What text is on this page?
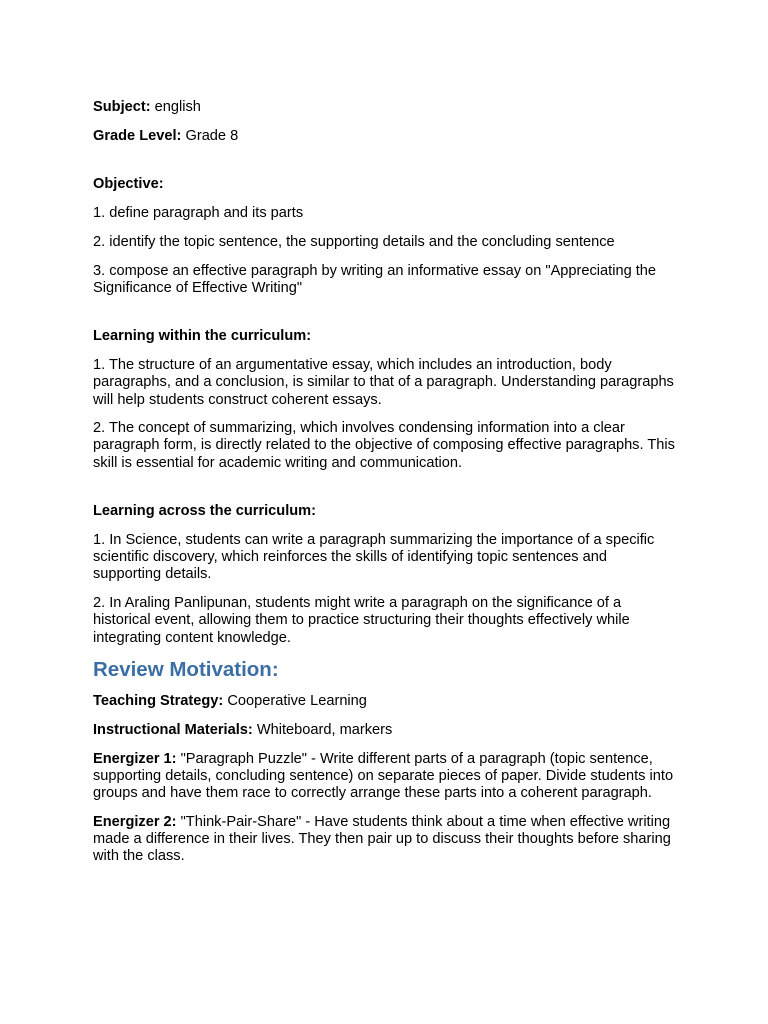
Subject: english

Grade Level: Grade 8

Objective:

1. define paragraph and its parts

2. identify the topic sentence, the supporting details and the concluding sentence

3. compose an effective paragraph by writing an informative essay on "Appreciating the Significance of Effective Writing"

Learning within the curriculum:

1. The structure of an argumentative essay, which includes an introduction, body paragraphs, and a conclusion, is similar to that of a paragraph. Understanding paragraphs will help students construct coherent essays.

2. The concept of summarizing, which involves condensing information into a clear paragraph form, is directly related to the objective of composing effective paragraphs. This skill is essential for academic writing and communication.

Learning across the curriculum:

1. In Science, students can write a paragraph summarizing the importance of a specific scientific discovery, which reinforces the skills of identifying topic sentences and supporting details.

2. In Araling Panlipunan, students might write a paragraph on the significance of a historical event, allowing them to practice structuring their thoughts effectively while integrating content knowledge.

Review Motivation:

Teaching Strategy: Cooperative Learning

Instructional Materials: Whiteboard, markers

Energizer 1: "Paragraph Puzzle" - Write different parts of a paragraph (topic sentence, supporting details, concluding sentence) on separate pieces of paper. Divide students into groups and have them race to correctly arrange these parts into a coherent paragraph.

Energizer 2: "Think-Pair-Share" - Have students think about a time when effective writing made a difference in their lives. They then pair up to discuss their thoughts before sharing with the class.
